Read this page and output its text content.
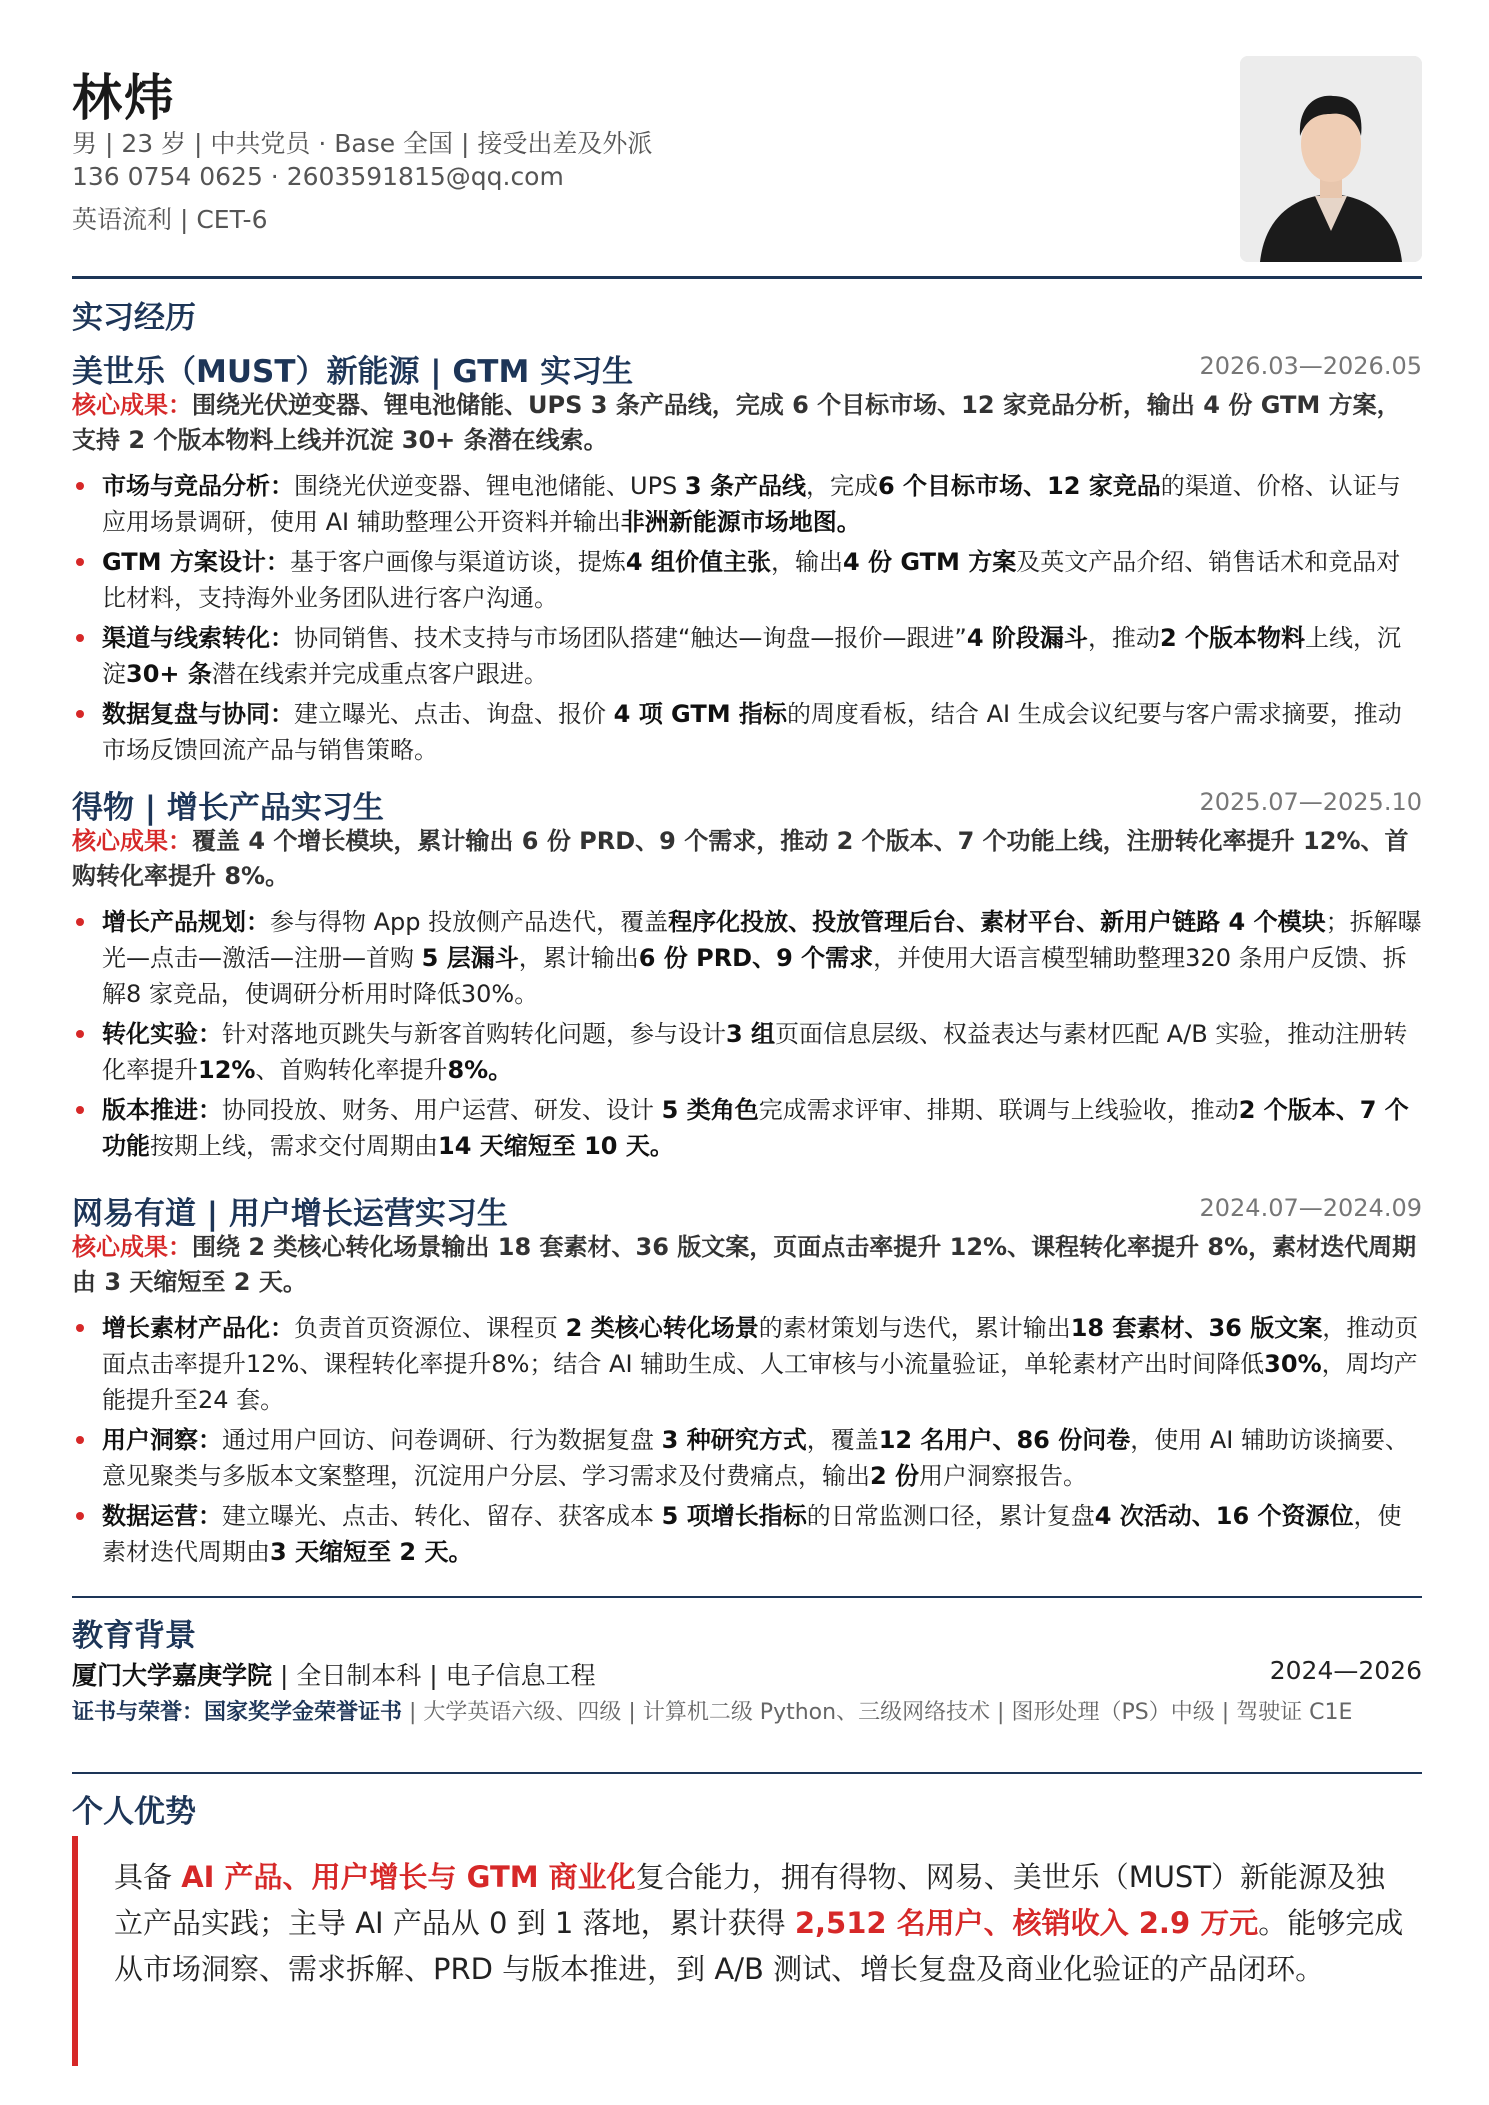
林炜
男 | 23 岁 | 中共党员 · Base 全国 | 接受出差及外派
136 0754 0625 · 2603591815@qq.com
英语流利 | CET-6
实习经历
美世乐（MUST）新能源 | GTM 实习生	2026.03—2026.05
核心成果：围绕光伏逆变器、锂电池储能、UPS 3 条产品线，完成 6 个目标市场、12 家竞品分析，输出 4 份 GTM 方案，支持 2 个版本物料上线并沉淀 30+ 条潜在线索。
市场与竞品分析：围绕光伏逆变器、锂电池储能、UPS 3 条产品线，完成6 个目标市场、12 家竞品的渠道、价格、认证与应用场景调研，使用 AI 辅助整理公开资料并输出非洲新能源市场地图。
GTM 方案设计：基于客户画像与渠道访谈，提炼4 组价值主张，输出4 份 GTM 方案及英文产品介绍、销售话术和竞品对比材料，支持海外业务团队进行客户沟通。
渠道与线索转化：协同销售、技术支持与市场团队搭建“触达—询盘—报价—跟进”4 阶段漏斗，推动2 个版本物料上线，沉淀30+ 条潜在线索并完成重点客户跟进。
数据复盘与协同：建立曝光、点击、询盘、报价 4 项 GTM 指标的周度看板，结合 AI 生成会议纪要与客户需求摘要，推动市场反馈回流产品与销售策略。
得物 | 增长产品实习生	2025.07—2025.10
核心成果：覆盖 4 个增长模块，累计输出 6 份 PRD、9 个需求，推动 2 个版本、7 个功能上线，注册转化率提升 12%、首购转化率提升 8%。
增长产品规划：参与得物 App 投放侧产品迭代，覆盖程序化投放、投放管理后台、素材平台、新用户链路 4 个模块；拆解曝光—点击—激活—注册—首购 5 层漏斗，累计输出6 份 PRD、9 个需求，并使用大语言模型辅助整理320 条用户反馈、拆解8 家竞品，使调研分析用时降低30%。
转化实验：针对落地页跳失与新客首购转化问题，参与设计3 组页面信息层级、权益表达与素材匹配 A/B 实验，推动注册转化率提升12%、首购转化率提升8%。
版本推进：协同投放、财务、用户运营、研发、设计 5 类角色完成需求评审、排期、联调与上线验收，推动2 个版本、7 个功能按期上线，需求交付周期由14 天缩短至 10 天。
网易有道 | 用户增长运营实习生	2024.07—2024.09
核心成果：围绕 2 类核心转化场景输出 18 套素材、36 版文案，页面点击率提升 12%、课程转化率提升 8%，素材迭代周期由 3 天缩短至 2 天。
增长素材产品化：负责首页资源位、课程页 2 类核心转化场景的素材策划与迭代，累计输出18 套素材、36 版文案，推动页面点击率提升12%、课程转化率提升8%；结合 AI 辅助生成、人工审核与小流量验证，单轮素材产出时间降低30%，周均产能提升至24 套。
用户洞察：通过用户回访、问卷调研、行为数据复盘 3 种研究方式，覆盖12 名用户、86 份问卷，使用 AI 辅助访谈摘要、意见聚类与多版本文案整理，沉淀用户分层、学习需求及付费痛点，输出2 份用户洞察报告。
数据运营：建立曝光、点击、转化、留存、获客成本 5 项增长指标的日常监测口径，累计复盘4 次活动、16 个资源位，使素材迭代周期由3 天缩短至 2 天。
教育背景
厦门大学嘉庚学院 | 全日制本科 | 电子信息工程	2024—2026
证书与荣誉：国家奖学金荣誉证书 | 大学英语六级、四级 | 计算机二级 Python、三级网络技术 | 图形处理（PS）中级 | 驾驶证 C1E
个人优势

具备 AI 产品、用户增长与 GTM 商业化复合能力，拥有得物、网易、美世乐（MUST）新能源及独立产品实践；主导 AI 产品从 0 到 1 落地，累计获得 2,512 名用户、核销收入 2.9 万元。能够完成从市场洞察、需求拆解、PRD 与版本推进，到 A/B 测试、增长复盘及商业化验证的产品闭环。
